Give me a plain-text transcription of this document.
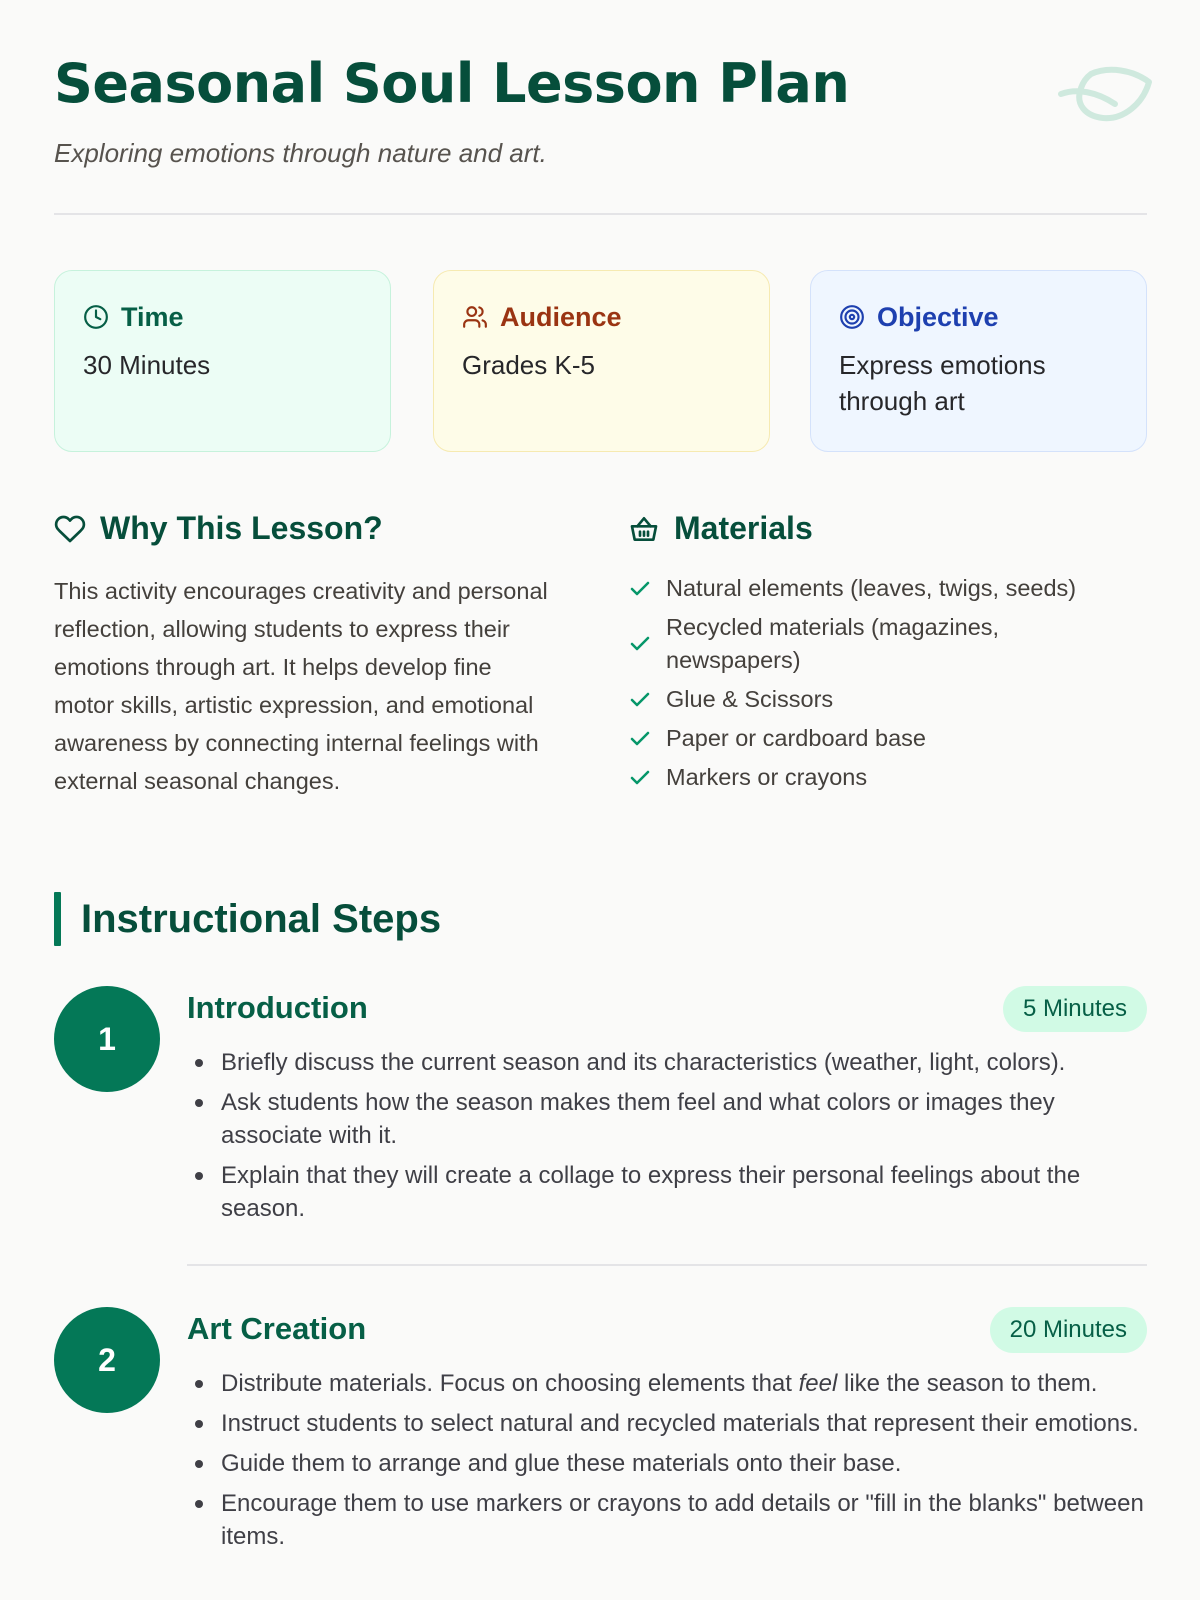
Seasonal Soul Lesson Plan

Exploring emotions through nature and art.

Time
30 Minutes
Audience
Grades K-5
Objective
Express emotions through art
Why This Lesson?

This activity encourages creativity and personal reflection, allowing students to express their emotions through art. It helps develop fine motor skills, artistic expression, and emotional awareness by connecting internal feelings with external seasonal changes.

Materials
Natural elements (leaves, twigs, seeds)
Recycled materials (magazines, newspapers)
Glue & Scissors
Paper or cardboard base
Markers or crayons
Instructional Steps
1
Introduction	5 Minutes
Briefly discuss the current season and its characteristics (weather, light, colors).
Ask students how the season makes them feel and what colors or images they associate with it.
Explain that they will create a collage to express their personal feelings about the season.
2
Art Creation	20 Minutes
Distribute materials. Focus on choosing elements that feel like the season to them.
Instruct students to select natural and recycled materials that represent their emotions.
Guide them to arrange and glue these materials onto their base.
Encourage them to use markers or crayons to add details or "fill in the blanks" between items.
